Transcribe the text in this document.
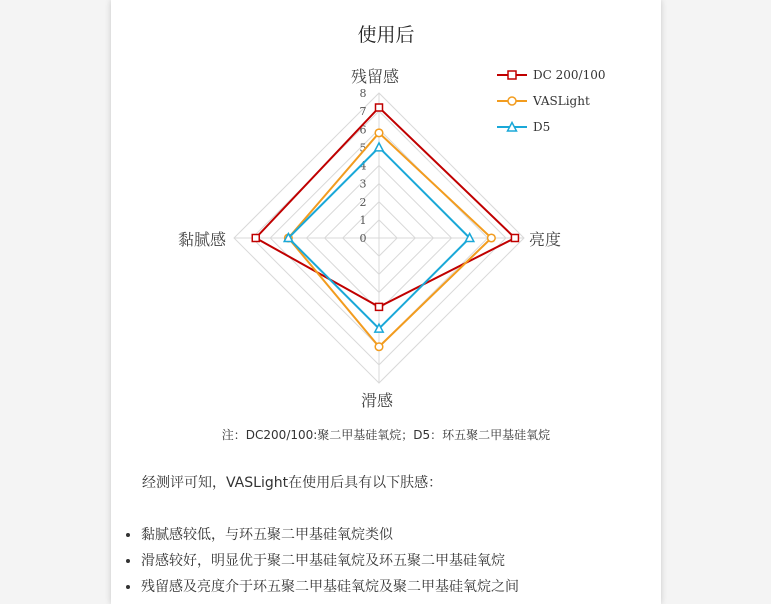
0
1
2
3
4
5
6
7
8
使用后
残留感
亮度
滑感
黏腻感
DC 200/100
VASLight
D5
注：DC200/100:聚二甲基硅氧烷；D5：环五聚二甲基硅氧烷
经测评可知，VASLight在使用后具有以下肤感：
• 黏腻感较低，与环五聚二甲基硅氧烷类似
• 滑感较好，明显优于聚二甲基硅氧烷及环五聚二甲基硅氧烷
• 残留感及亮度介于环五聚二甲基硅氧烷及聚二甲基硅氧烷之间
